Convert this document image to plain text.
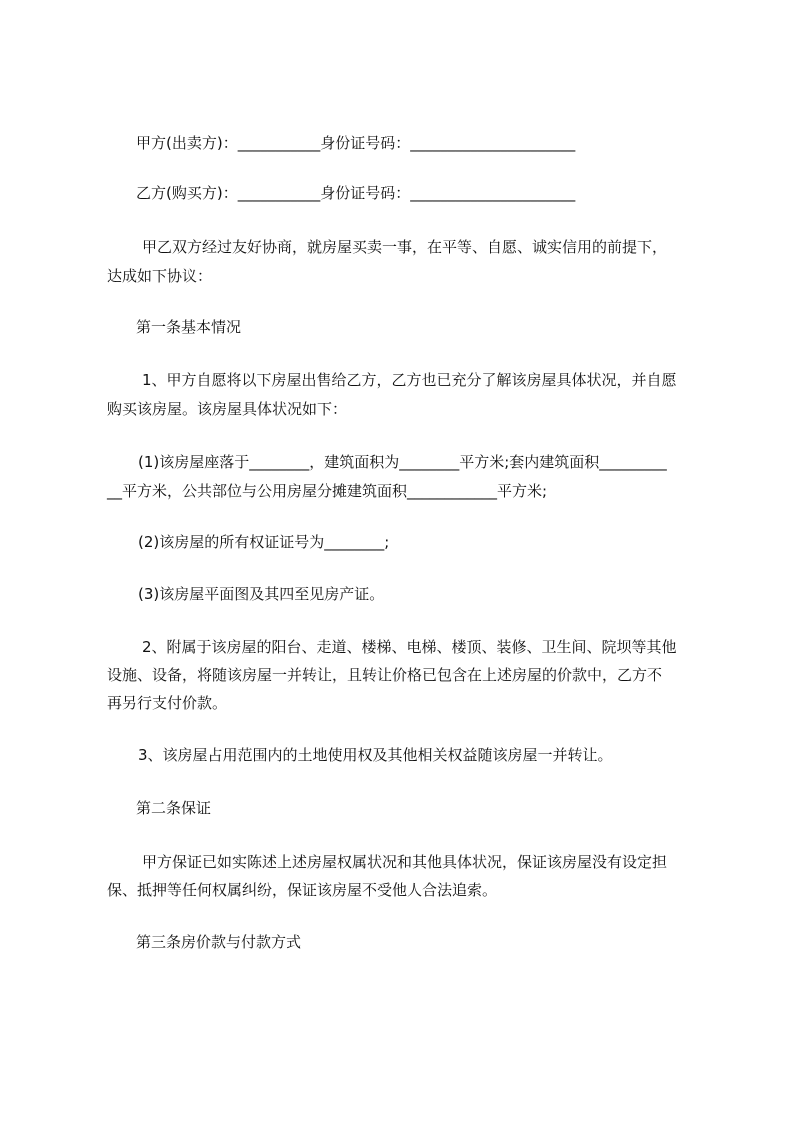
甲方(出卖方)：___________身份证号码：______________________
乙方(购买方)：___________身份证号码：______________________
甲乙双方经过友好协商，就房屋买卖一事，在平等、自愿、诚实信用的前提下，
达成如下协议：
第一条基本情况
1、甲方自愿将以下房屋出售给乙方，乙方也已充分了解该房屋具体状况，并自愿
购买该房屋。该房屋具体状况如下：
(1)该房屋座落于________，建筑面积为________平方米;套内建筑面积_________
__平方米，公共部位与公用房屋分摊建筑面积____________平方米;
(2)该房屋的所有权证证号为________;
(3)该房屋平面图及其四至见房产证。
2、附属于该房屋的阳台、走道、楼梯、电梯、楼顶、装修、卫生间、院坝等其他
设施、设备，将随该房屋一并转让，且转让价格已包含在上述房屋的价款中，乙方不
再另行支付价款。
3、该房屋占用范围内的土地使用权及其他相关权益随该房屋一并转让。
第二条保证
甲方保证已如实陈述上述房屋权属状况和其他具体状况，保证该房屋没有设定担
保、抵押等任何权属纠纷，保证该房屋不受他人合法追索。
第三条房价款与付款方式
